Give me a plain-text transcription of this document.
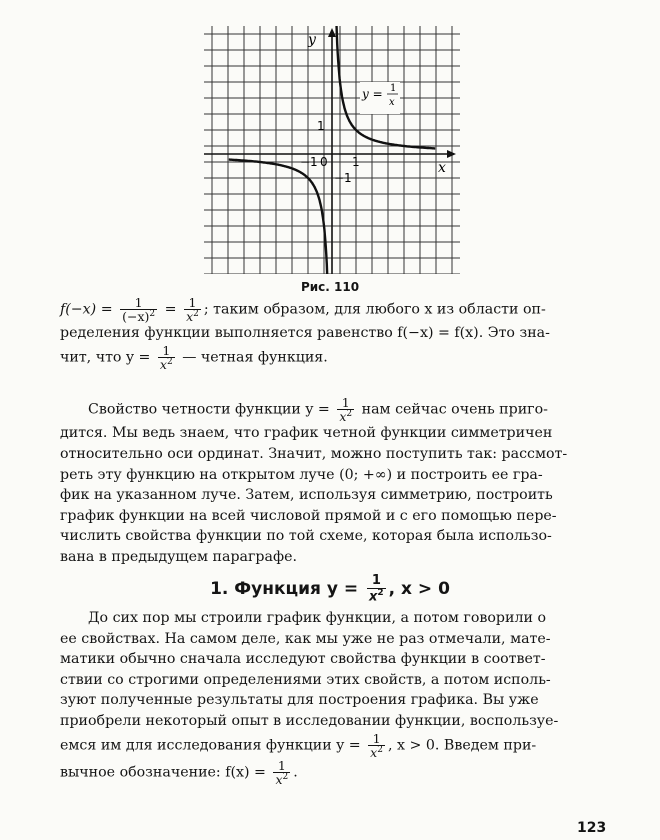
y
x
1
1
−1
−1
0
y = 1
x
Рис. 110
$f(-x) = \frac{1}{(-x)^2} = \frac{1}{x^2}$ ; таким образом, для любого x из области оп-
ределения функции выполняется равенство f(−x) = f(x). Это зна-
чит, что $y = \frac{1}{x^2}$ — четная функция.
Свойство четности функции $y = \frac{1}{x^2}$ нам сейчас очень приго-
дится. Мы ведь знаем, что график четной функции симметричен
относительно оси ординат. Значит, можно поступить так: рассмот-
реть эту функцию на открытом луче (0; +∞) и построить ее гра-
фик на указанном луче. Затем, используя симметрию, построить
график функции на всей числовой прямой и с его помощью пере-
числить свойства функции по той схеме, которая была использо-
вана в предыдущем параграфе.
1. Функция $y = \frac{1}{x^2}$ , x > 0
До сих пор мы строили график функции, а потом говорили о
ее свойствах. На самом деле, как мы уже не раз отмечали, мате-
матики обычно сначала исследуют свойства функции в соответ-
ствии со строгими определениями этих свойств, а потом исполь-
зуют полученные результаты для построения графика. Вы уже
приобрели некоторый опыт в исследовании функции, воспользуе-
емся им для исследования функции $y = \frac{1}{x^2}$ , x > 0. Введем при-
вычное обозначение: $f(x) = \frac{1}{x^2}$ .
123
